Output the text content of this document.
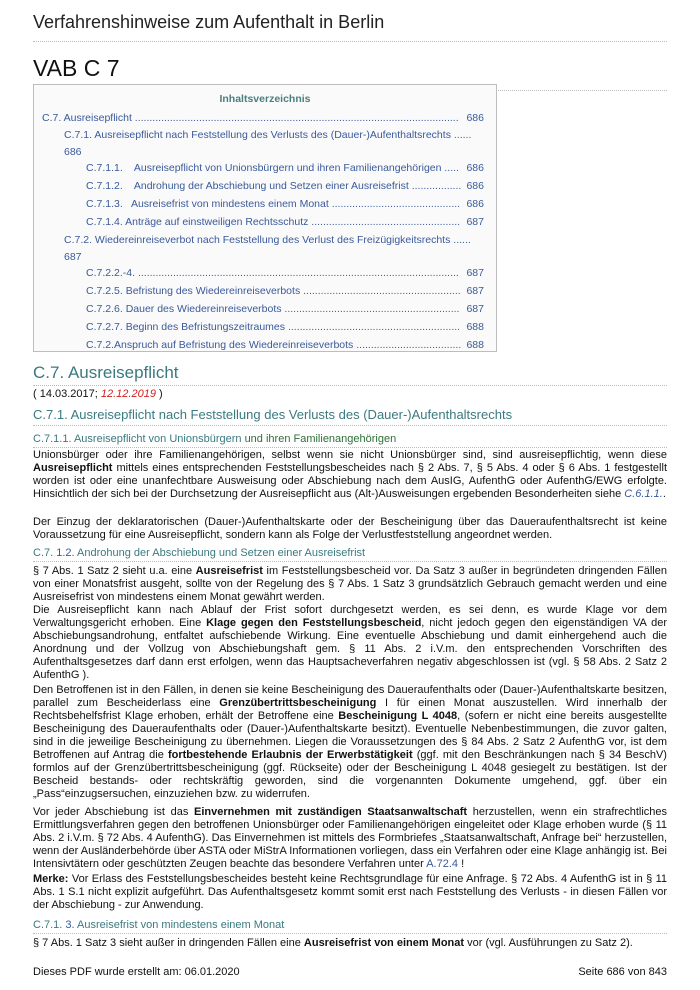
Verfahrenshinweise zum Aufenthalt in Berlin
VAB C 7
Inhaltsverzeichnis
C.7. Ausreisepflicht ............................................................................................................... 686
C.7.1. Ausreisepflicht nach Feststellung des Verlusts des (Dauer-)Aufenthaltsrechts ......
686
C.7.1.1.    Ausreisepflicht von Unionsbürgern und ihren Familienangehörigen ..... 686
C.7.1.2.    Androhung der Abschiebung und Setzen einer Ausreisefrist ................. 686
C.7.1.3.   Ausreisefrist von mindestens einem Monat ............................................ 686
C.7.1.4. Anträge auf einstweiligen Rechtsschutz ................................................... 687
C.7.2. Wiedereinreiseverbot nach Feststellung des Verlust des Freizügigkeitsrechts ......
687
C.7.2.2.-4. .............................................................................................................. 687
C.7.2.5. Befristung des Wiedereinreiseverbots ...................................................... 687
C.7.2.6. Dauer des Wiedereinreiseverbots ............................................................ 687
C.7.2.7. Beginn des Befristungszeitraumes ........................................................... 688
C.7.2.Anspruch auf Befristung des Wiedereinreiseverbots .................................... 688
C.7. Ausreisepflicht
( 14.03.2017; 12.12.2019 )
C.7.1. Ausreisepflicht nach Feststellung des Verlusts des (Dauer-)Aufenthaltsrechts
C.7.1.1. Ausreisepflicht von Unionsbürgern und ihren Familienangehörigen
Unionsbürger oder ihre Familienangehörigen, selbst wenn sie nicht Unionsbürger sind, sind ausreisepflichtig, wenn diese Ausreisepflicht mittels eines entsprechenden Feststellungsbescheides nach § 2 Abs. 7, § 5 Abs. 4 oder § 6 Abs. 1 festgestellt worden ist oder eine unanfechtbare Ausweisung oder Abschiebung nach dem AusIG, AufenthG oder AufenthG/EWG erfolgte. Hinsichtlich der sich bei der Durchsetzung der Ausreisepflicht aus (Alt-)Ausweisungen ergebenden Besonderheiten siehe C.6.1.1..
Der Einzug der deklaratorischen (Dauer-)Aufenthaltskarte oder der Bescheinigung über das Daueraufenthaltsrecht ist keine Voraussetzung für eine Ausreisepflicht, sondern kann als Folge der Verlustfeststellung angeordnet werden.
C.7. 1.2. Androhung der Abschiebung und Setzen einer Ausreisefrist
§ 7 Abs. 1 Satz 2 sieht u.a. eine Ausreisefrist im Feststellungsbescheid vor. Da Satz 3 außer in begründeten dringenden Fällen von einer Monatsfrist ausgeht, sollte von der Regelung des § 7 Abs. 1 Satz 3 grundsätzlich Gebrauch gemacht werden und eine Ausreisefrist von mindestens einem Monat gewährt werden.
Die Ausreisepflicht kann nach Ablauf der Frist sofort durchgesetzt werden, es sei denn, es wurde Klage vor dem Verwaltungsgericht erhoben. Eine Klage gegen den Feststellungsbescheid, nicht jedoch gegen den eigenständigen VA der Abschiebungsandrohung, entfaltet aufschiebende Wirkung. Eine eventuelle Abschiebung und damit einhergehend auch die Anordnung und der Vollzug von Abschiebungshaft gem. § 11 Abs. 2 i.V.m. den entsprechenden Vorschriften des Aufenthaltsgesetzes darf dann erst erfolgen, wenn das Hauptsacheverfahren negativ abgeschlossen ist (vgl. § 58 Abs. 2 Satz 2 AufenthG ).
Den Betroffenen ist in den Fällen, in denen sie keine Bescheinigung des Daueraufenthalts oder (Dauer-)Aufenthaltskarte besitzen, parallel zum Bescheiderlass eine Grenzübertrittsbescheinigung I für einen Monat auszustellen. Wird innerhalb der Rechtsbehelfsfrist Klage erhoben, erhält der Betroffene eine Bescheinigung L 4048, (sofern er nicht eine bereits ausgestellte Bescheinigung des Daueraufenthalts oder (Dauer-)Aufenthaltskarte besitzt). Eventuelle Nebenbestimmungen, die zuvor galten, sind in die jeweilige Bescheinigung zu übernehmen. Liegen die Voraussetzungen des § 84 Abs. 2 Satz 2 AufenthG vor, ist dem Betroffenen auf Antrag die fortbestehende Erlaubnis der Erwerbstätigkeit (ggf. mit den Beschränkungen nach § 34 BeschV) formlos auf der Grenzübertrittsbescheinigung (ggf. Rückseite) oder der Bescheinigung L 4048 gesiegelt zu bestätigen. Ist der Bescheid bestands- oder rechtskräftig geworden, sind die vorgenannten Dokumente umgehend, ggf. über ein „Pass“einzugsersuchen, einzuziehen bzw. zu widerrufen.
Vor jeder Abschiebung ist das Einvernehmen mit zuständigen Staatsanwaltschaft herzustellen, wenn ein strafrechtliches Ermittlungsverfahren gegen den betroffenen Unionsbürger oder Familienangehörigen eingeleitet oder Klage erhoben wurde (§ 11 Abs. 2 i.V.m. § 72 Abs. 4 AufenthG). Das Einvernehmen ist mittels des Formbriefes „Staatsanwaltschaft, Anfrage bei“ herzustellen, wenn der Ausländerbehörde über ASTA oder MiStrA Informationen vorliegen, dass ein Verfahren oder eine Klage anhängig ist. Bei Intensivtätern oder geschützten Zeugen beachte das besondere Verfahren unter A.72.4 !
Merke: Vor Erlass des Feststellungsbescheides besteht keine Rechtsgrundlage für eine Anfrage. § 72 Abs. 4 AufenthG ist in § 11 Abs. 1 S.1 nicht explizit aufgeführt. Das Aufenthaltsgesetz kommt somit erst nach Feststellung des Verlusts - in diesen Fällen vor der Abschiebung - zur Anwendung.
C.7.1. 3. Ausreisefrist von mindestens einem Monat
§ 7 Abs. 1 Satz 3 sieht außer in dringenden Fällen eine Ausreisefrist von einem Monat vor (vgl. Ausführungen zu Satz 2).
Dieses PDF wurde erstellt am: 06.01.2020	Seite 686 von 843
